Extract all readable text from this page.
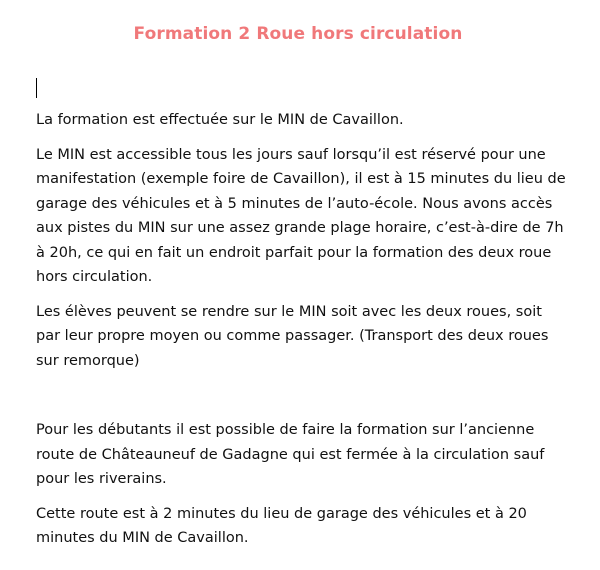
Formation 2 Roue hors circulation

La formation est effectuée sur le MIN de Cavaillon.

Le MIN est accessible tous les jours sauf lorsqu’il est réservé pour une manifestation (exemple foire de Cavaillon), il est à 15 minutes du lieu de garage des véhicules et à 5 minutes de l’auto-école. Nous avons accès aux pistes du MIN sur une assez grande plage horaire, c’est-à-dire de 7h à 20h, ce qui en fait un endroit parfait pour la formation des deux roue hors circulation.

Les élèves peuvent se rendre sur le MIN soit avec les deux roues, soit par leur propre moyen ou comme passager. (Transport des deux roues sur remorque)

Pour les débutants il est possible de faire la formation sur l’ancienne route de Châteauneuf de Gadagne qui est fermée à la circulation sauf pour les riverains.

Cette route est à 2 minutes du lieu de garage des véhicules et à 20 minutes du MIN de Cavaillon.
